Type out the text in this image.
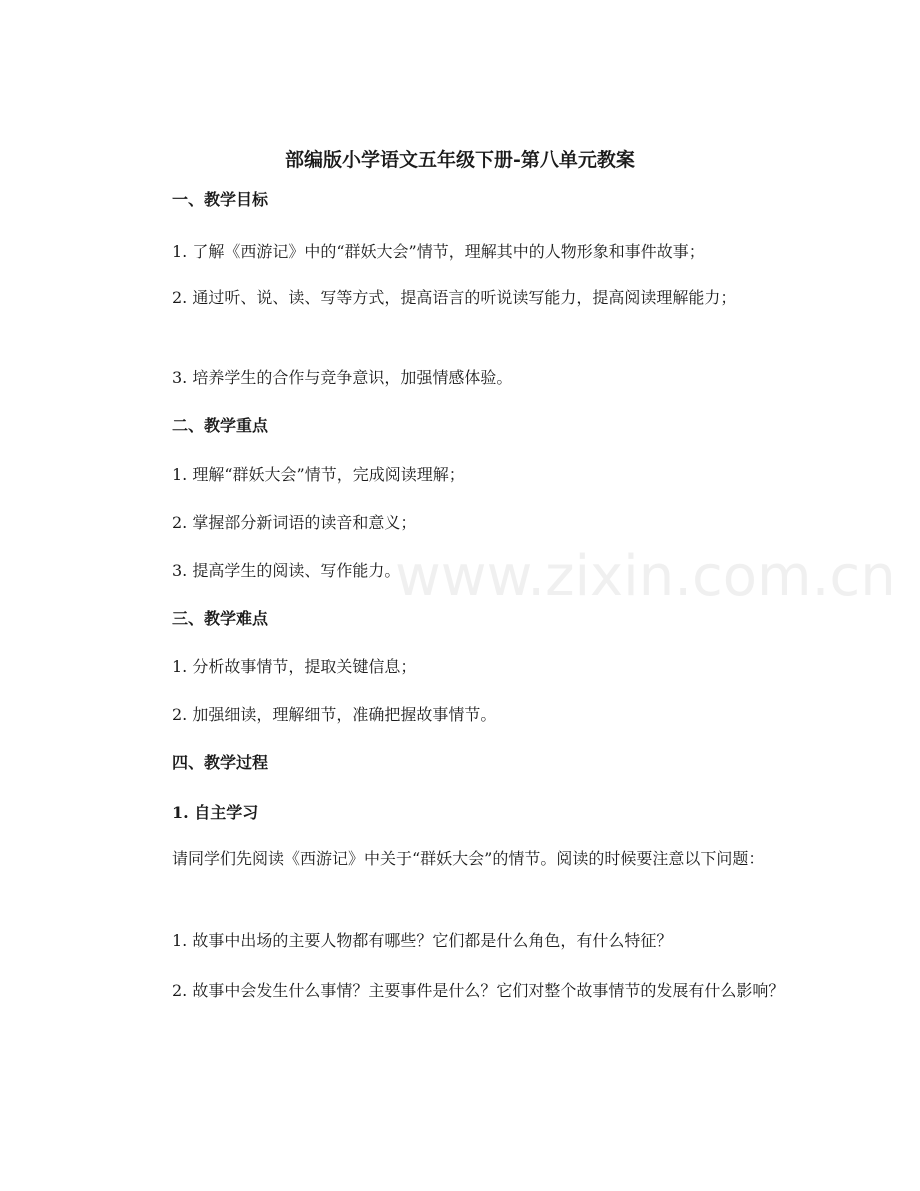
部编版小学语文五年级下册-第八单元教案

一、教学目标

1. 了解《西游记》中的“群妖大会”情节，理解其中的人物形象和事件故事；

2. 通过听、说、读、写等方式，提高语言的听说读写能力，提高阅读理解能力；

3. 培养学生的合作与竞争意识，加强情感体验。

二、教学重点

1. 理解“群妖大会”情节，完成阅读理解；

2. 掌握部分新词语的读音和意义；

3. 提高学生的阅读、写作能力。

三、教学难点

1. 分析故事情节，提取关键信息；

2. 加强细读，理解细节，准确把握故事情节。

四、教学过程

1. 自主学习

请同学们先阅读《西游记》中关于“群妖大会”的情节。阅读的时候要注意以下问题：

1. 故事中出场的主要人物都有哪些？它们都是什么角色，有什么特征？

2. 故事中会发生什么事情？主要事件是什么？它们对整个故事情节的发展有什么影响？

www.zixin.com.cn
